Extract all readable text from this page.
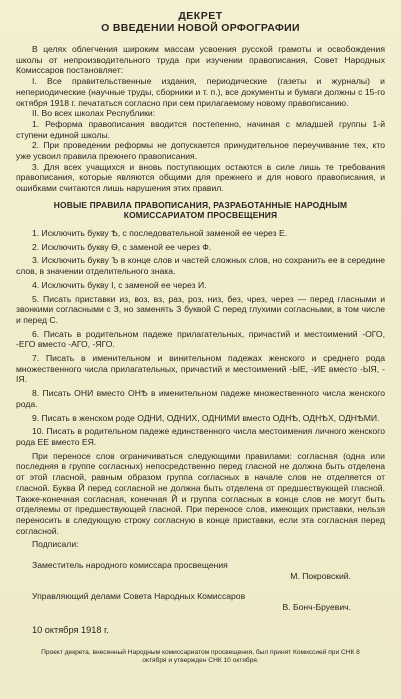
ДЕКРЕТ
О ВВЕДЕНИИ НОВОЙ ОРФОГРАФИИ

В целях облегчения широким массам усвоения русской грамоты и освобождения школы от непроизводительного труда при изучении правописания, Совет Народных Комиссаров постановляет:

I. Все правительственные издания, периодические (газеты и журналы) и непериодические (научные труды, сборники и т. п.), все документы и бумаги должны с 15-го октября 1918 г. печататься согласно при сем прилагаемому новому правописанию.

II. Во всех школах Республики:

1. Реформа правописания вводится постепенно, начиная с младшей группы 1-й ступени единой школы.

2. При проведении реформы не допускается принудительное переучивание тех, кто уже усвоил правила прежнего правописания.

3. Для всех учащихся и вновь поступающих остаются в силе лишь те требования правописания, которые являются общими для прежнего и для нового правописания, и ошибками считаются лишь нарушения этих правил.

НОВЫЕ ПРАВИЛА ПРАВОПИСАНИЯ, РАЗРАБОТАННЫЕ НАРОДНЫМ КОМИССАРИАТОМ ПРОСВЕЩЕНИЯ

1. Исключить букву Ѣ, с последовательной заменой ее через Е.

2. Исключить букву Ѳ, с заменой ее через Ф.

3. Исключить букву Ъ в конце слов и частей сложных слов, но сохранить ее в середине слов, в значении отделительного знака.

4. Исключить букву І, с заменой ее через И.

5. Писать приставки из, воз, вз, раз, роз, низ, без, чрез, через — перед гласными и звонкими согласными с З, но заменять З буквой С перед глухими согласными, в том числе и перед С.

6. Писать в родительном падеже прилагательных, причастий и местоимений -ОГО, -ЕГО вместо -АГО, -ЯГО.

7. Писать в именительном и винительном падежах женского и среднего рода множественного числа прилагательных, причастий и местоимений -ЫЕ, -ИЕ вместо -ЫЯ, -IЯ.

8. Писать ОНИ вместо ОНѢ в именительном падеже множественного числа женского рода.

9. Писать в женском роде ОДНИ, ОДНИХ, ОДНИМИ вместо ОДНѢ, ОДНѢХ, ОДНѢМИ.

10. Писать в родительном падеже единственного числа местоимения личного женского рода ЕЕ вместо ЕЯ.

При переносе слов ограничиваться следующими правилами: согласная (одна или последняя в группе согласных) непосредственно перед гласной не должна быть отделена от этой гласной, равным образом группа согласных в начале слов не отделяется от гласной. Буква Й перед согласной не должна быть отделена от предшествующей гласной. Также-конечная согласная, конечная Й и группа согласных в конце слов не могут быть отделяемы от предшествующей гласной. При переносе слов, имеющих приставки, нельзя переносить в следующую строку согласную в конце приставки, если эта согласная перед согласной.

Подписали:
Заместитель народного комиссара просвещения
М. Покровский.
Управляющий делами Совета Народных Комиссаров
В. Бонч-Бруевич.
10 октября 1918 г.
Проект декрета, внесенный Народным комиссариатом просвещения, был принят Комиссией при СНК 8 октября и утвержден СНК 10 октября.
